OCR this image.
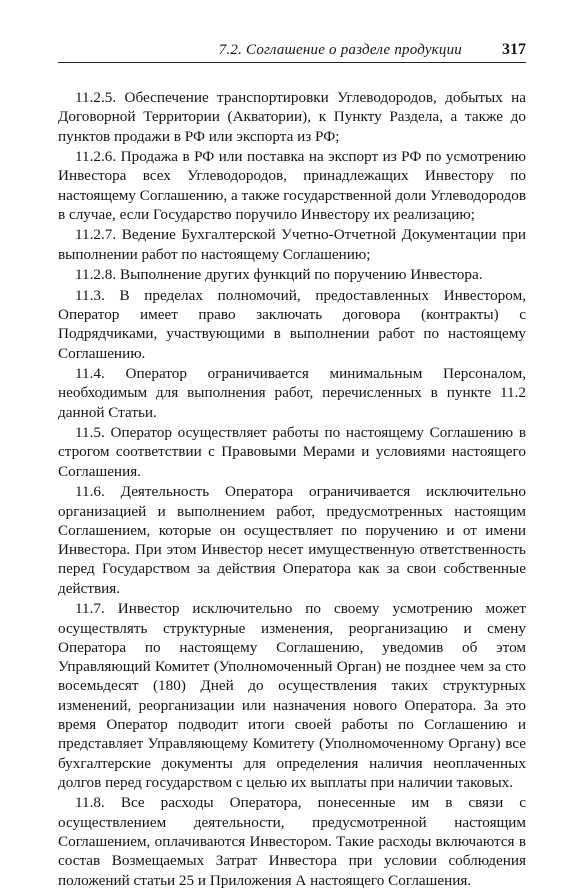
7.2. Соглашение о разделе продукции	317

11.2.5. Обеспечение транспортировки Углеводородов, добытых на Договорной Территории (Акватории), к Пункту Раздела, а также до пунктов продажи в РФ или экспорта из РФ;

11.2.6. Продажа в РФ или поставка на экспорт из РФ по усмотрению Инвестора всех Углеводородов, принадлежащих Инвестору по настоящему Соглашению, а также государственной доли Углеводородов в случае, если Государство поручило Инвестору их реализацию;

11.2.7. Ведение Бухгалтерской Учетно-Отчетной Документации при выполнении работ по настоящему Соглашению;

11.2.8. Выполнение других функций по поручению Инвестора.

11.3. В пределах полномочий, предоставленных Инвестором, Оператор имеет право заключать договора (контракты) с Подрядчиками, участвующими в выполнении работ по настоящему Соглашению.

11.4. Оператор ограничивается минимальным Персоналом, необходимым для выполнения работ, перечисленных в пункте 11.2 данной Статьи.

11.5. Оператор осуществляет работы по настоящему Соглашению в строгом соответствии с Правовыми Мерами и условиями настоящего Соглашения.

11.6. Деятельность Оператора ограничивается исключительно организацией и выполнением работ, предусмотренных настоящим Соглашением, которые он осуществляет по поручению и от имени Инвестора. При этом Инвестор несет имущественную ответственность перед Государством за действия Оператора как за свои собственные действия.

11.7. Инвестор исключительно по своему усмотрению может осуществлять структурные изменения, реорганизацию и смену Оператора по настоящему Соглашению, уведомив об этом Управляющий Комитет (Уполномоченный Орган) не позднее чем за сто восемьдесят (180) Дней до осуществления таких структурных изменений, реорганизации или назначения нового Оператора. За это время Оператор подводит итоги своей работы по Соглашению и представляет Управляющему Комитету (Уполномоченному Органу) все бухгалтерские документы для определения наличия неоплаченных долгов перед государством с целью их выплаты при наличии таковых.

11.8. Все расходы Оператора, понесенные им в связи с осуществлением деятельности, предусмотренной настоящим Соглашением, оплачиваются Инвестором. Такие расходы включаются в состав Возмещаемых Затрат Инвестора при условии соблюдения положений статьи 25 и Приложения А настоящего Соглашения.
